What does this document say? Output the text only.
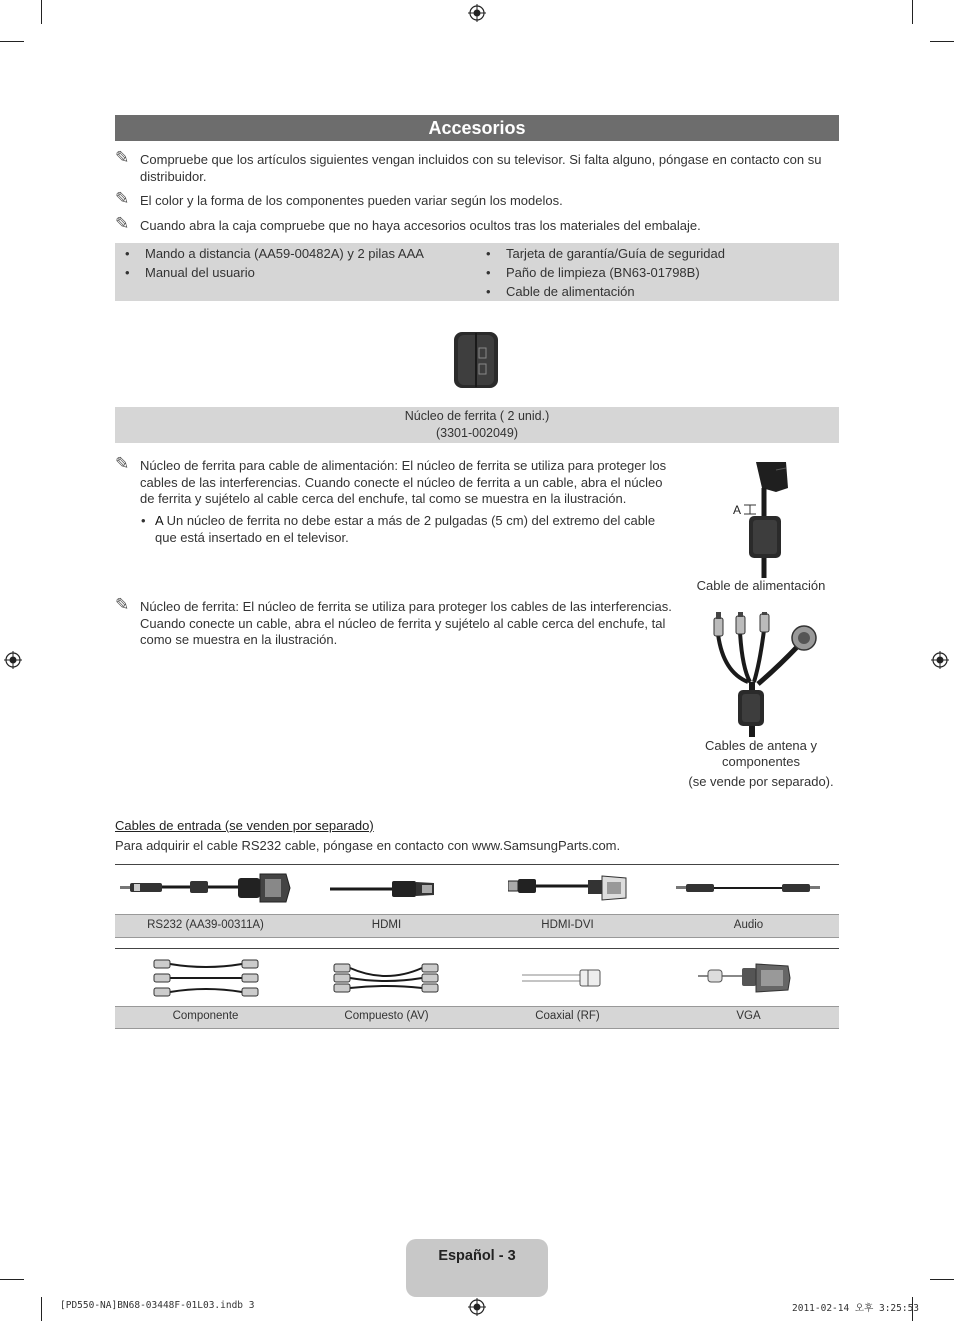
Accesorios
✎ Compruebe que los artículos siguientes vengan incluidos con su televisor. Si falta alguno, póngase en contacto con su distribuidor.
✎ El color y la forma de los componentes pueden variar según los modelos.
✎ Cuando abra la caja compruebe que no haya accesorios ocultos tras los materiales del embalaje.
• Mando a distancia (AA59-00482A) y 2 pilas AAA
• Manual del usuario
• Tarjeta de garantía/Guía de seguridad
• Paño de limpieza (BN63-01798B)
• Cable de alimentación
Núcleo de ferrita ( 2 unid.)
(3301-002049)
✎ Núcleo de ferrita para cable de alimentación: El núcleo de ferrita se utiliza para proteger los cables de las interferencias. Cuando conecte el núcleo de ferrita a un cable, abra el núcleo de ferrita y sujételo al cable cerca del enchufe, tal como se muestra en la ilustración.
• A Un núcleo de ferrita no debe estar a más de 2 pulgadas (5 cm) del extremo del cable que está insertado en el televisor.
✎ Núcleo de ferrita: El núcleo de ferrita se utiliza para proteger los cables de las interferencias. Cuando conecte un cable, abra el núcleo de ferrita y sujételo al cable cerca del enchufe, tal como se muestra en la ilustración.
A
Cable de alimentación
Cables de antena y
componentes
(se vende por separado).
Cables de entrada (se venden por separado)
Para adquirir el cable RS232 cable, póngase en contacto con www.SamsungParts.com.
RS232 (AA39-00311A)	HDMI	HDMI-DVI	Audio
Componente	Compuesto (AV)	Coaxial (RF)	VGA
Español - 3
[PD550-NA]BN68-03448F-01L03.indb 3	2011-02-14 오후 3:25:53
